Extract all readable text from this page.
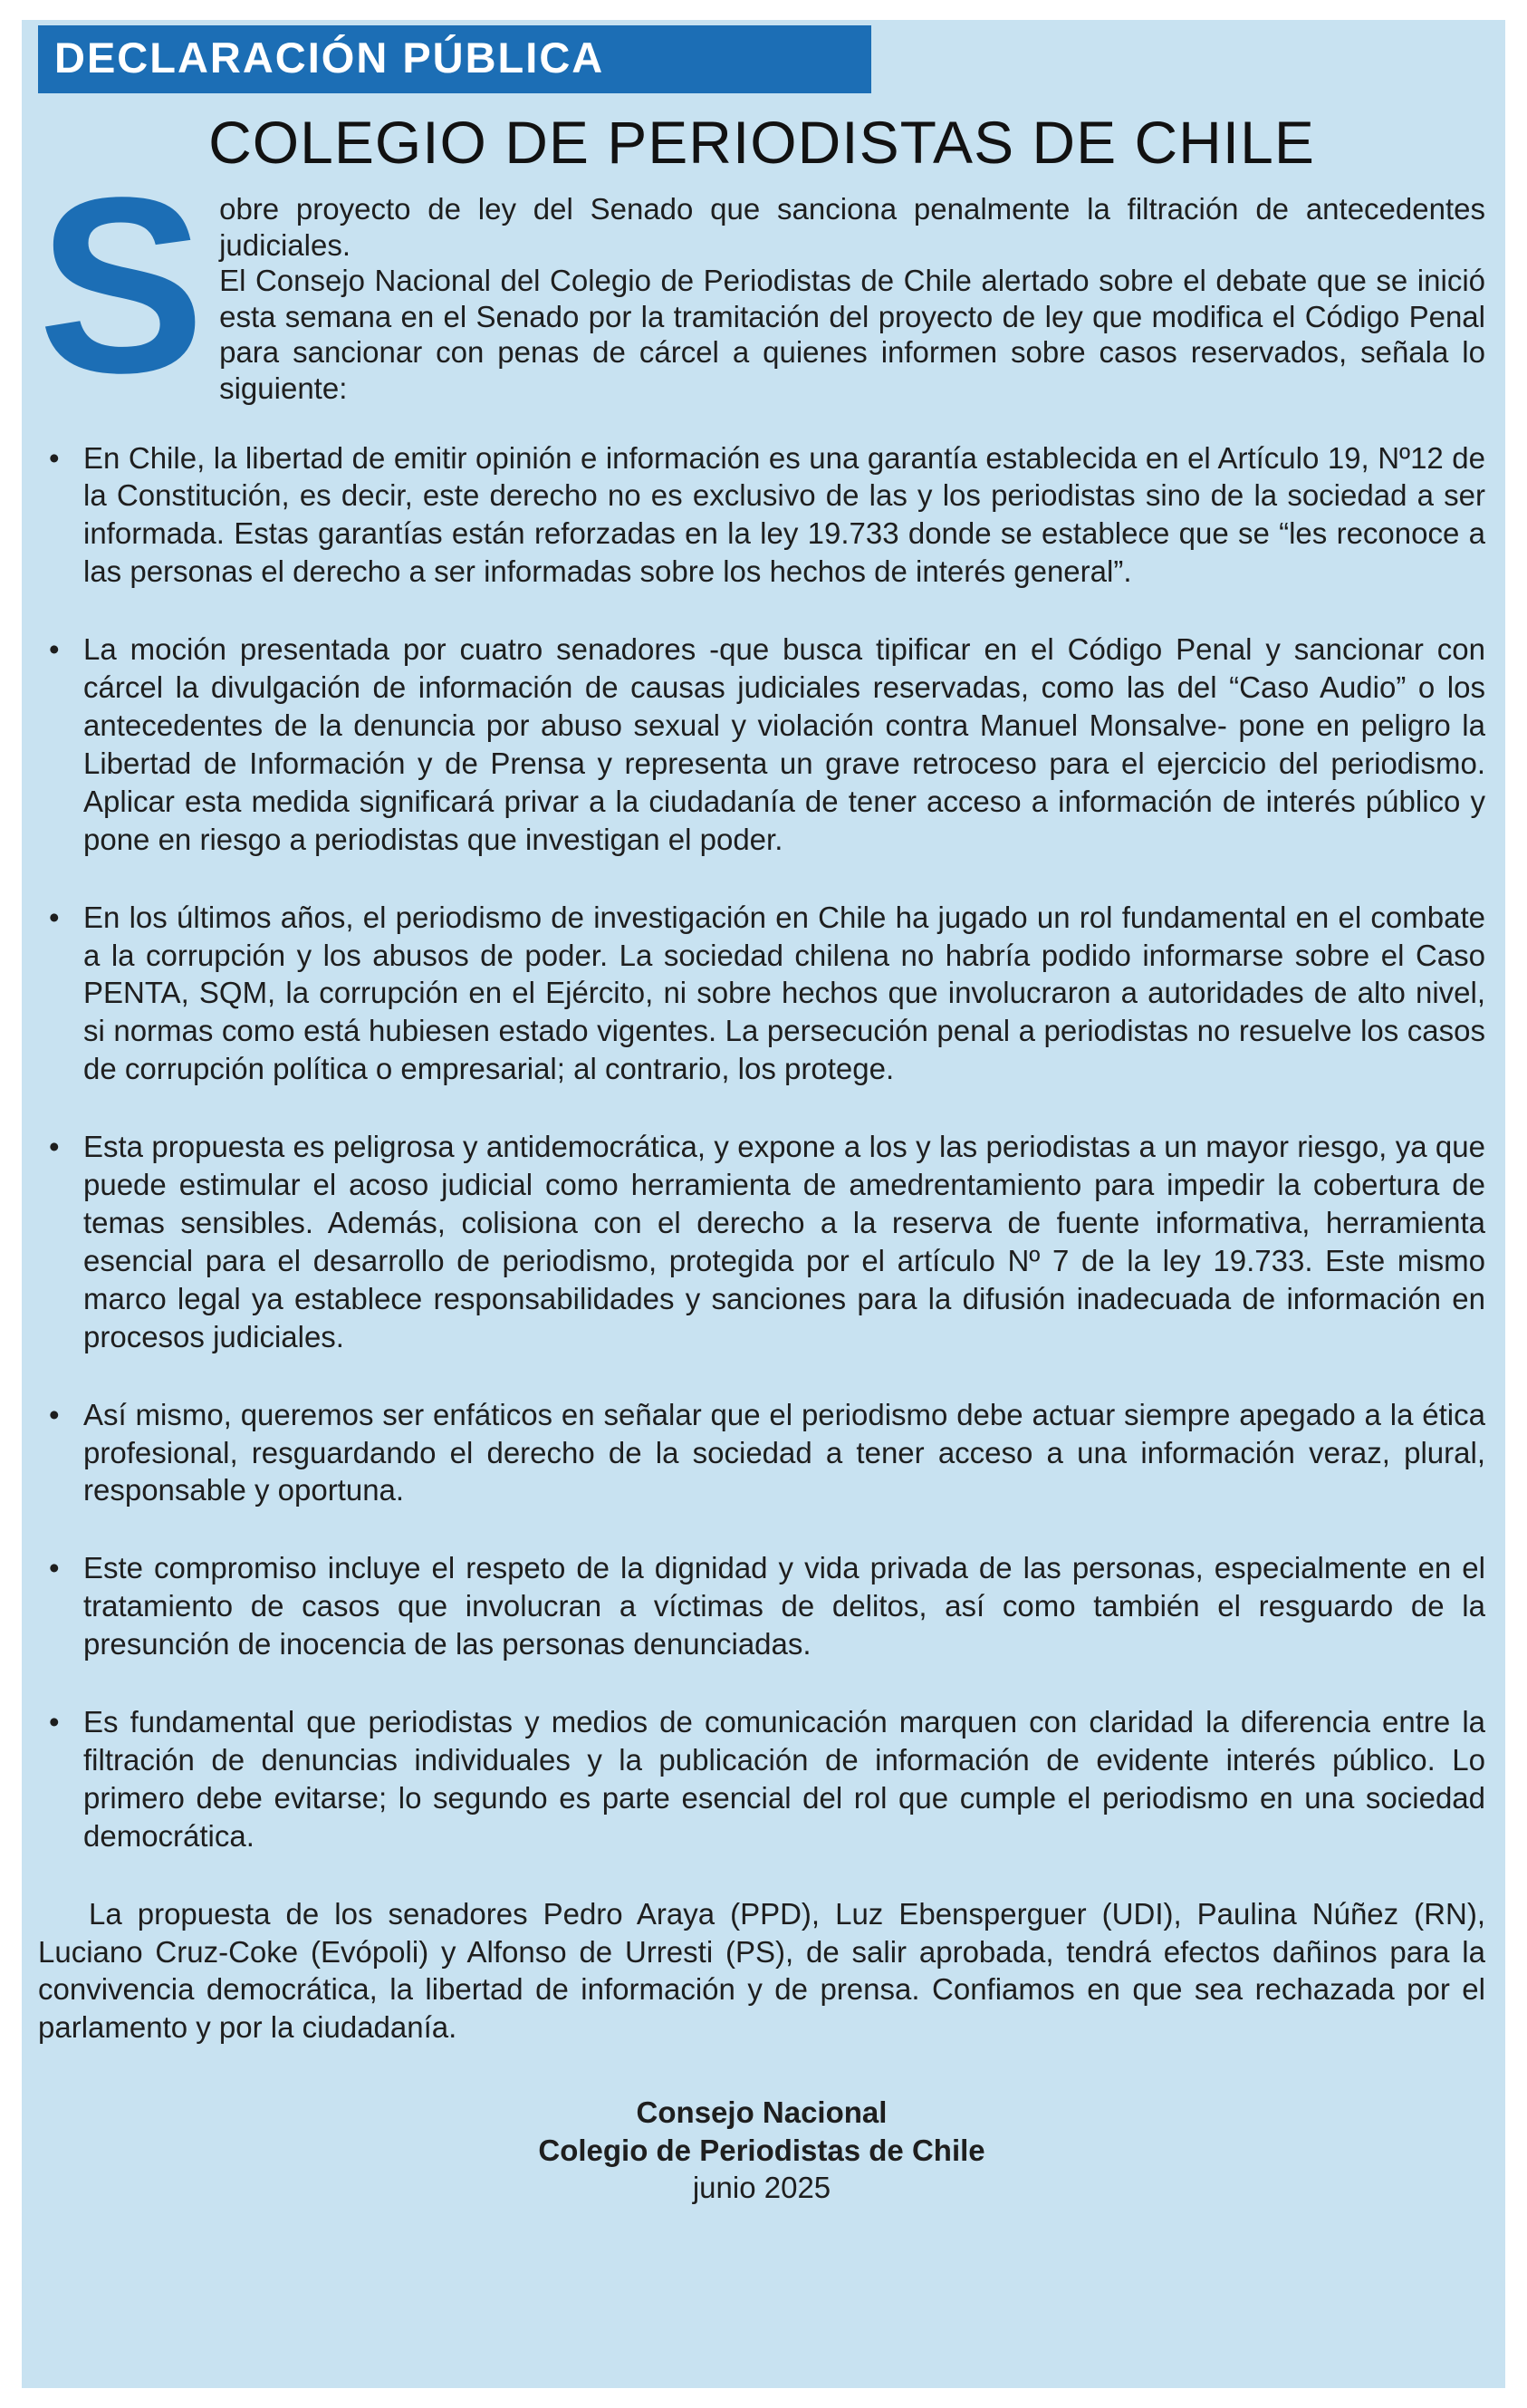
DECLARACIÓN PÚBLICA
COLEGIO DE PERIODISTAS DE CHILE
S obre proyecto de ley del Senado que sanciona penalmente la filtración de antecedentes judiciales.

El Consejo Nacional del Colegio de Periodistas de Chile alertado sobre el debate que se inició esta semana en el Senado por la tramitación del proyecto de ley que modifica el Código Penal para sancionar con penas de cárcel a quienes informen sobre casos reservados, señala lo siguiente:

• En Chile, la libertad de emitir opinión e información es una garantía establecida en el Artículo 19, Nº12 de la Constitución, es decir, este derecho no es exclusivo de las y los periodistas sino de la sociedad a ser informada. Estas garantías están reforzadas en la ley 19.733 donde se establece que se “les reconoce a las personas el derecho a ser informadas sobre los hechos de interés general”.
• La moción presentada por cuatro senadores -que busca tipificar en el Código Penal y sancionar con cárcel la divulgación de información de causas judiciales reservadas, como las del “Caso Audio” o los antecedentes de la denuncia por abuso sexual y violación contra Manuel Monsalve- pone en peligro la Libertad de Información y de Prensa y representa un grave retroceso para el ejercicio del periodismo. Aplicar esta medida significará privar a la ciudadanía de tener acceso a información de interés público y pone en riesgo a periodistas que investigan el poder.
• En los últimos años, el periodismo de investigación en Chile ha jugado un rol fundamental en el combate a la corrupción y los abusos de poder. La sociedad chilena no habría podido informarse sobre el Caso PENTA, SQM, la corrupción en el Ejército, ni sobre hechos que involucraron a autoridades de alto nivel, si normas como está hubiesen estado vigentes. La persecución penal a periodistas no resuelve los casos de corrupción política o empresarial; al contrario, los protege.
• Esta propuesta es peligrosa y antidemocrática, y expone a los y las periodistas a un mayor riesgo, ya que puede estimular el acoso judicial como herramienta de amedrentamiento para impedir la cobertura de temas sensibles. Además, colisiona con el derecho a la reserva de fuente informativa, herramienta esencial para el desarrollo de periodismo, protegida por el artículo Nº 7 de la ley 19.733. Este mismo marco legal ya establece responsabilidades y sanciones para la difusión inadecuada de información en procesos judiciales.
• Así mismo, queremos ser enfáticos en señalar que el periodismo debe actuar siempre apegado a la ética profesional, resguardando el derecho de la sociedad a tener acceso a una información veraz, plural, responsable y oportuna.
• Este compromiso incluye el respeto de la dignidad y vida privada de las personas, especialmente en el tratamiento de casos que involucran a víctimas de delitos, así como también el resguardo de la presunción de inocencia de las personas denunciadas.
• Es fundamental que periodistas y medios de comunicación marquen con claridad la diferencia entre la filtración de denuncias individuales y la publicación de información de evidente interés público. Lo primero debe evitarse; lo segundo es parte esencial del rol que cumple el periodismo en una sociedad democrática.

La propuesta de los senadores Pedro Araya (PPD), Luz Ebensperguer (UDI), Paulina Núñez (RN), Luciano Cruz-Coke (Evópoli) y Alfonso de Urresti (PS), de salir aprobada, tendrá efectos dañinos para la convivencia democrática, la libertad de información y de prensa. Confiamos en que sea rechazada por el parlamento y por la ciudadanía.

Consejo Nacional

Colegio de Periodistas de Chile

junio 2025
